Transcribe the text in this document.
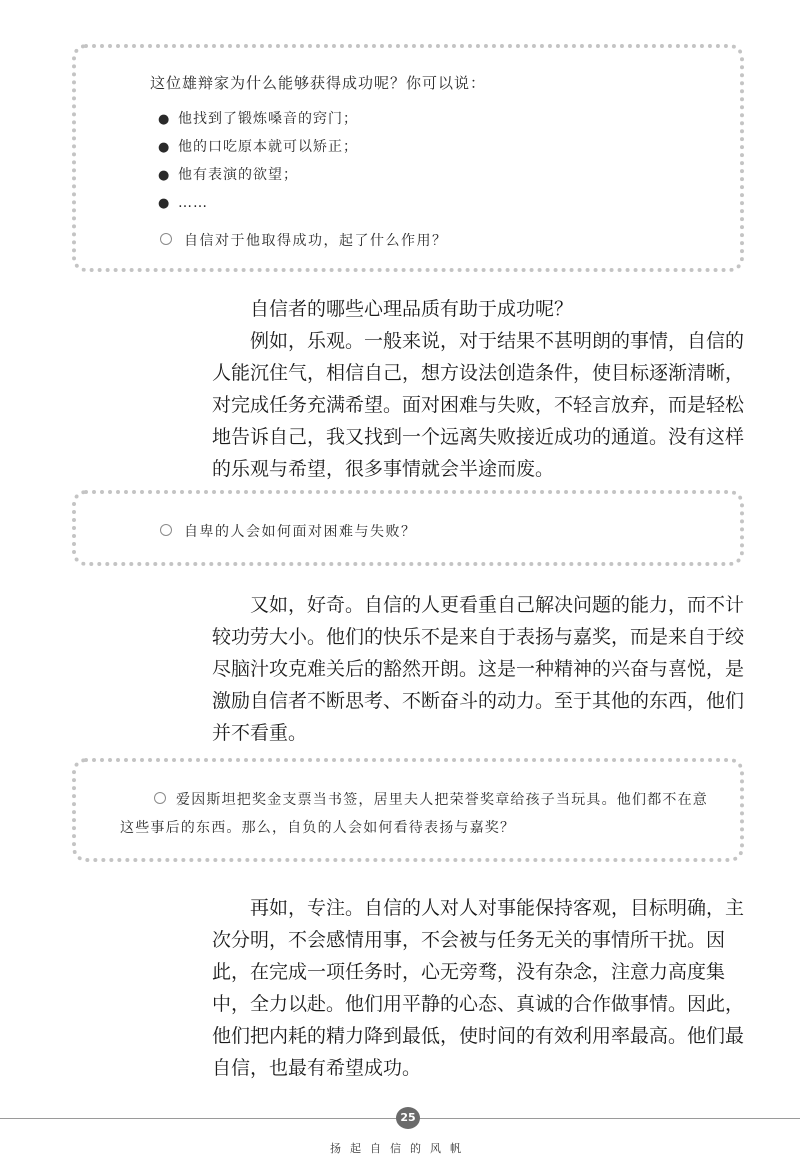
这位雄辩家为什么能够获得成功呢？你可以说：
● 他找到了锻炼嗓音的窍门；
● 他的口吃原本就可以矫正；
● 他有表演的欲望；
● ……
自信对于他取得成功，起了什么作用？

自信者的哪些心理品质有助于成功呢？

例如，乐观。一般来说，对于结果不甚明朗的事情，自信的人能沉住气，相信自己，想方设法创造条件，使目标逐渐清晰，对完成任务充满希望。面对困难与失败，不轻言放弃，而是轻松地告诉自己，我又找到一个远离失败接近成功的通道。没有这样的乐观与希望，很多事情就会半途而废。

自卑的人会如何面对困难与失败？

又如，好奇。自信的人更看重自己解决问题的能力，而不计较功劳大小。他们的快乐不是来自于表扬与嘉奖，而是来自于绞尽脑汁攻克难关后的豁然开朗。这是一种精神的兴奋与喜悦，是激励自信者不断思考、不断奋斗的动力。至于其他的东西，他们并不看重。

爱因斯坦把奖金支票当书签，居里夫人把荣誉奖章给孩子当玩具。他们都不在意这些事后的东西。那么，自负的人会如何看待表扬与嘉奖？

再如，专注。自信的人对人对事能保持客观，目标明确，主次分明，不会感情用事，不会被与任务无关的事情所干扰。因此，在完成一项任务时，心无旁骛，没有杂念，注意力高度集中，全力以赴。他们用平静的心态、真诚的合作做事情。因此，他们把内耗的精力降到最低，使时间的有效利用率最高。他们最自信，也最有希望成功。

25
扬起自信的风帆
